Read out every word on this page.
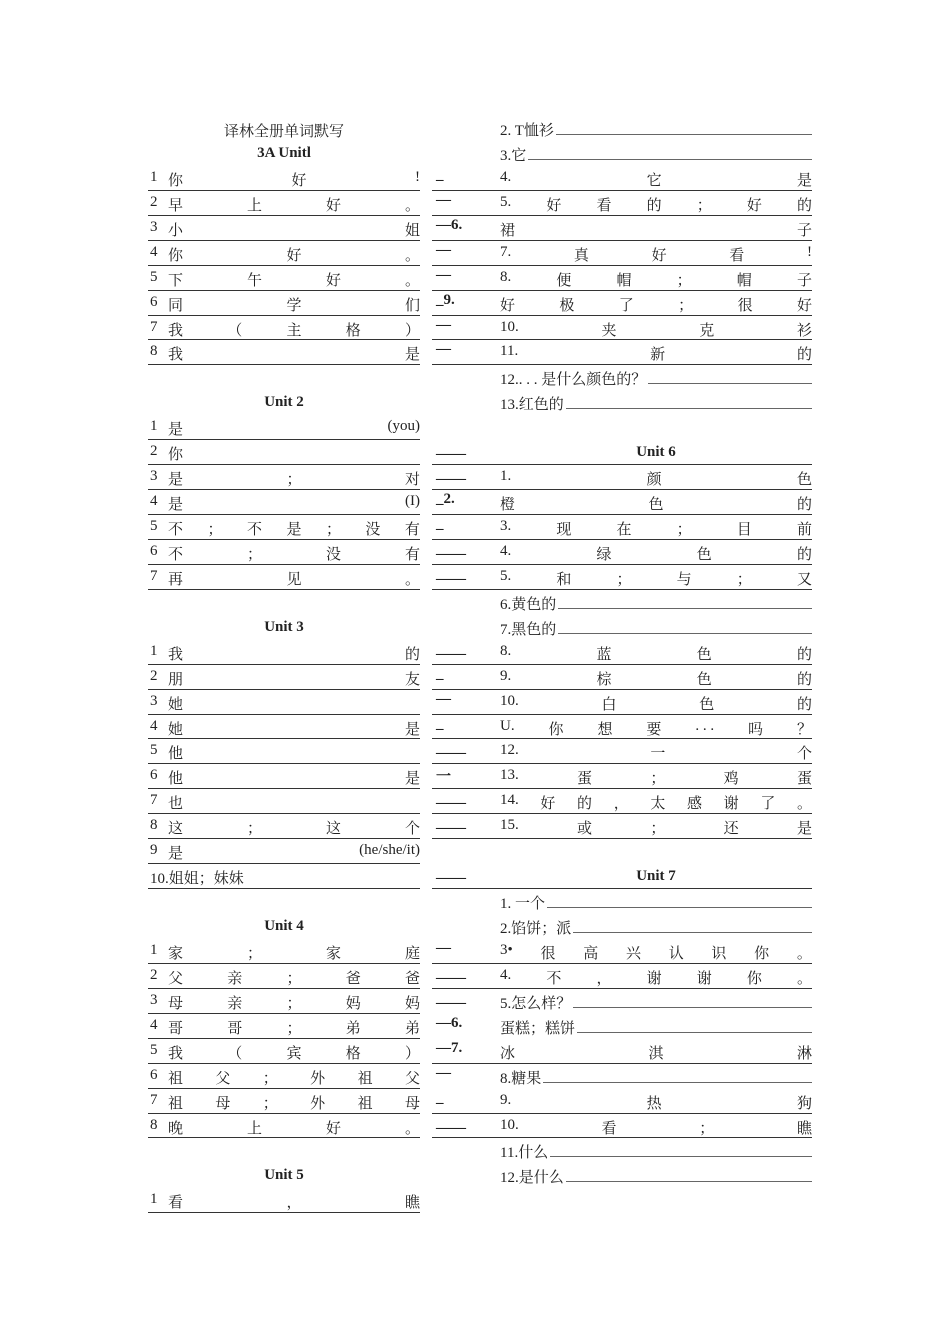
译林全册单词默写
3A Unitl
1 你	好	!
2 早	上	好	。
3 小	姐
4 你	好	。
5 下	午	好	。
6 同	学	们
7 我	（	主	格	）
8 我	是
Unit 2
1 是	(you)
2 你
3 是	；	对
4 是	(I)
5 不 ； 不 是 ； 没 有
6 不	；	没	有
7 再	见	。
Unit 3
1 我	的
2 朋	友
3 她
4 她	是
5 他
6 他	是
7 也
8 这	；	这	个
9 是	(he/she/it)
10.姐姐；妹妹
Unit 4
1 家	；	家	庭
2 父	亲	；	爸	爸
3 母	亲	；	妈	妈
4 哥	哥	；	弟	弟
5 我	（	宾	格	）
6 祖 父 ； 外 祖 父
7 祖 母 ； 外 祖 母
8 晚	上	好	。
Unit 5
1 看	，	瞧
2. T恤衫
3.它
_	4.	它	是
—	5. 好 看 的 ； 好 的
—6.	裙	子
—	7.	真	好	看	!
—	8.	便	帽	；	帽	子
_9.	好	极	了	；	很	好
—	10.	夹	克	衫
—	11.	新	的
12.. . . 是什么颜色的？
13.红色的
____	Unit 6
____ 1.	颜	色
_2.	橙	色	的
_	3.	现	在	；	目	前
____ 4.	绿	色	的
____ 5.	和	；	与	；	又
6.黄色的
7.黑色的
____ 8.	蓝	色	的
_	9.	棕	色	的
—	10.	白	色	的
_	U. 你 想 要 . . . 吗 ？
____ 12.	一	个
一	13.	蛋	；	鸡	蛋
____ 14. 好 的 ， 太 感 谢 了 。
____ 15.	或	；	还	是
____	Unit 7
1. 一个
2.馅饼；派
—	3• 很 高 兴 认 识 你 。
____ 4. 不 ， 谢 谢 你 。
____ 5.怎么样？
—6.	蛋糕；糕饼
—7.	冰	淇	淋
—	8.糖果
_	9.	热	狗
____ 10.	看	；	瞧
11.什么
12.是什么
